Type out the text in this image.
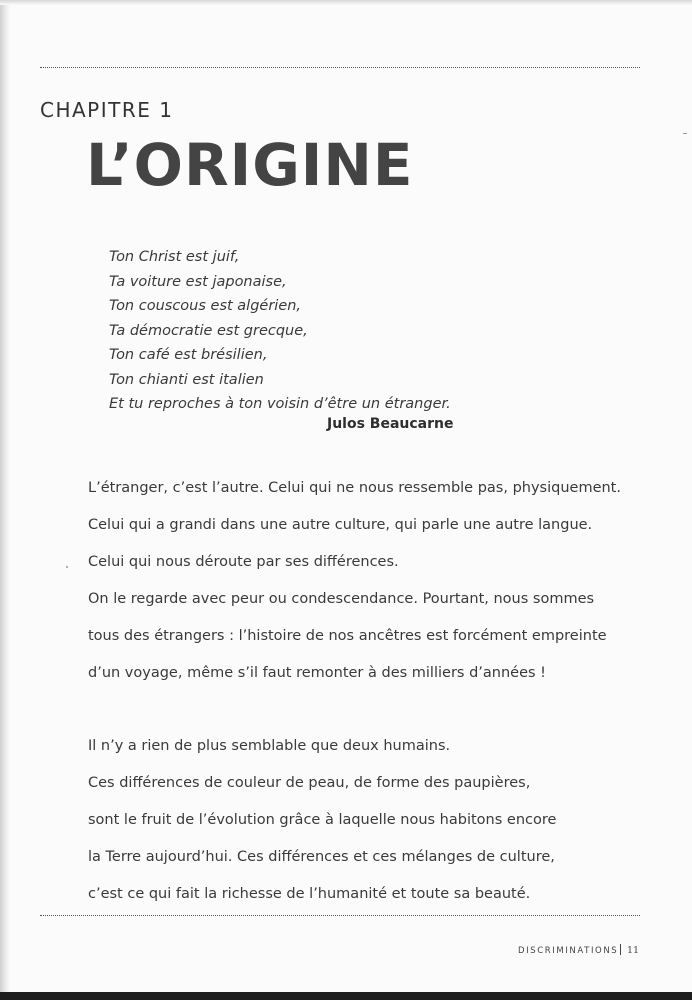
CHAPITRE 1
L’ORIGINE
Ton Christ est juif,
Ta voiture est japonaise,
Ton couscous est algérien,
Ta démocratie est grecque,
Ton café est brésilien,
Ton chianti est italien
Et tu reproches à ton voisin d’être un étranger.
Julos Beaucarne
L’étranger, c’est l’autre. Celui qui ne nous ressemble pas, physiquement.
Celui qui a grandi dans une autre culture, qui parle une autre langue.
Celui qui nous déroute par ses différences.
On le regarde avec peur ou condescendance. Pourtant, nous sommes
tous des étrangers : l’histoire de nos ancêtres est forcément empreinte
d’un voyage, même s’il faut remonter à des milliers d’années !
Il n’y a rien de plus semblable que deux humains.
Ces différences de couleur de peau, de forme des paupières,
sont le fruit de l’évolution grâce à laquelle nous habitons encore
la Terre aujourd’hui. Ces différences et ces mélanges de culture,
c’est ce qui fait la richesse de l’humanité et toute sa beauté.
DISCRIMINATIONS 11
